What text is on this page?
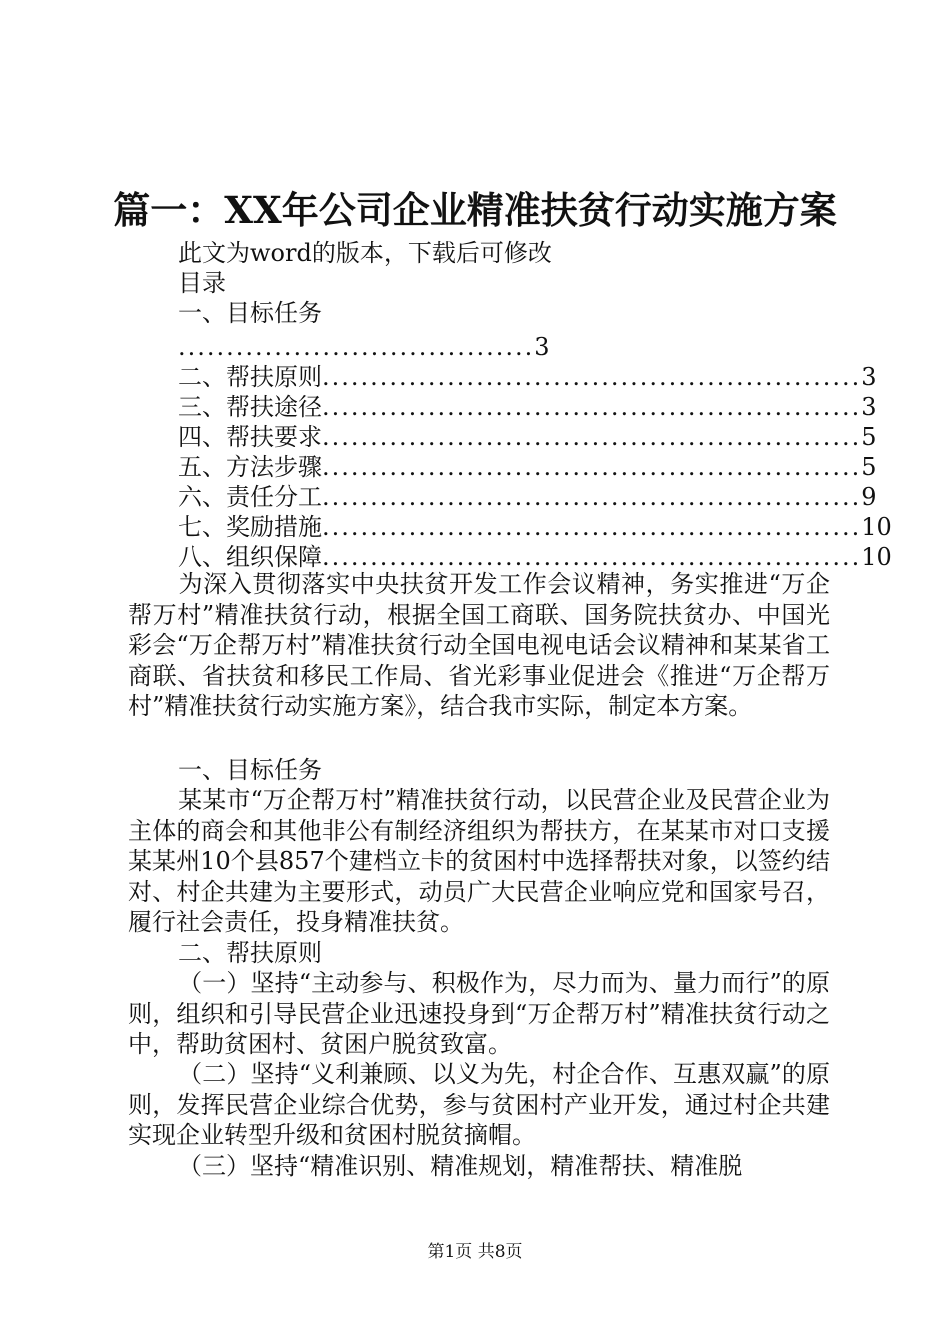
篇一：XX年公司企业精准扶贫行动实施方案
此文为word的版本，下载后可修改
目录
一、目标任务
.....................................3
二、帮扶原则 ........................................................ 3
三、帮扶途径 ........................................................ 3
四、帮扶要求 ........................................................ 5
五、方法步骤 ........................................................ 5
六、责任分工 ........................................................ 9
七、奖励措施 ........................................................ 10
八、组织保障 ........................................................ 10
为深入贯彻落实中央扶贫开发工作会议精神，务实推进“万企帮万村”精准扶贫行动，根据全国工商联、国务院扶贫办、中国光彩会“万企帮万村”精准扶贫行动全国电视电话会议精神和某某省工商联、省扶贫和移民工作局、省光彩事业促进会《推进“万企帮万村”精准扶贫行动实施方案》，结合我市实际，制定本方案。
一、目标任务
某某市“万企帮万村”精准扶贫行动，以民营企业及民营企业为主体的商会和其他非公有制经济组织为帮扶方，在某某市对口支援某某州10个县857个建档立卡的贫困村中选择帮扶对象，以签约结对、村企共建为主要形式，动员广大民营企业响应党和国家号召，履行社会责任，投身精准扶贫。
二、帮扶原则
（一）坚持“主动参与、积极作为，尽力而为、量力而行”的原则，组织和引导民营企业迅速投身到“万企帮万村”精准扶贫行动之中，帮助贫困村、贫困户脱贫致富。
（二）坚持“义利兼顾、以义为先，村企合作、互惠双赢”的原则，发挥民营企业综合优势，参与贫困村产业开发，通过村企共建实现企业转型升级和贫困村脱贫摘帽。
（三）坚持“精准识别、精准规划，精准帮扶、精准脱
第1页 共8页
